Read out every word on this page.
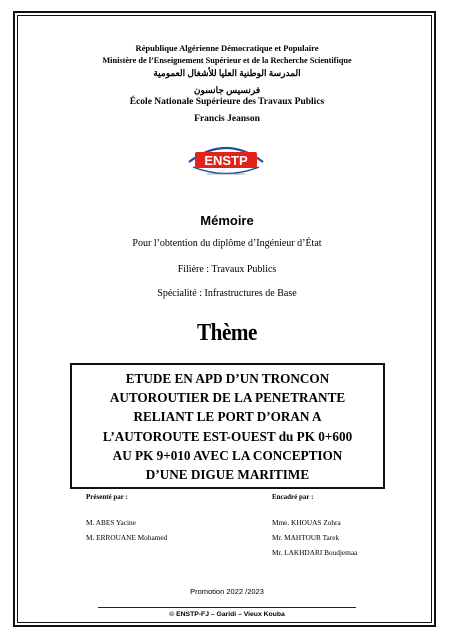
République Algérienne Démocratique et Populaire
Ministère de l’Enseignement Supérieur et de la Recherche Scientifique
المدرسة الوطنية العليا للأشغال العمومية
فرنسيس جانسون
École Nationale Supérieure des Travaux Publics
Francis Jeanson
ENSTP
Mémoire
Pour l’obtention du diplôme d’Ingénieur d’État
Filière : Travaux Publics
Spécialité : Infrastructures de Base
Thème
ETUDE EN APD D’UN TRONCON
AUTOROUTIER DE LA PENETRANTE
RELIANT LE PORT D’ORAN A
L’AUTOROUTE EST-OUEST du PK 0+600
AU PK 9+010 AVEC LA CONCEPTION
D’UNE DIGUE MARITIME
Présenté par :	Encadré par :
M. ABES Yacine
M. ERROUANE Mohamed
Mme. KHOUAS Zohra
Mr. MAHTOUR Tarek
Mr. LAKHDARI Boudjemaa
Promotion 2022 /2023
© ENSTP-FJ – Garidi – Vieux Kouba
